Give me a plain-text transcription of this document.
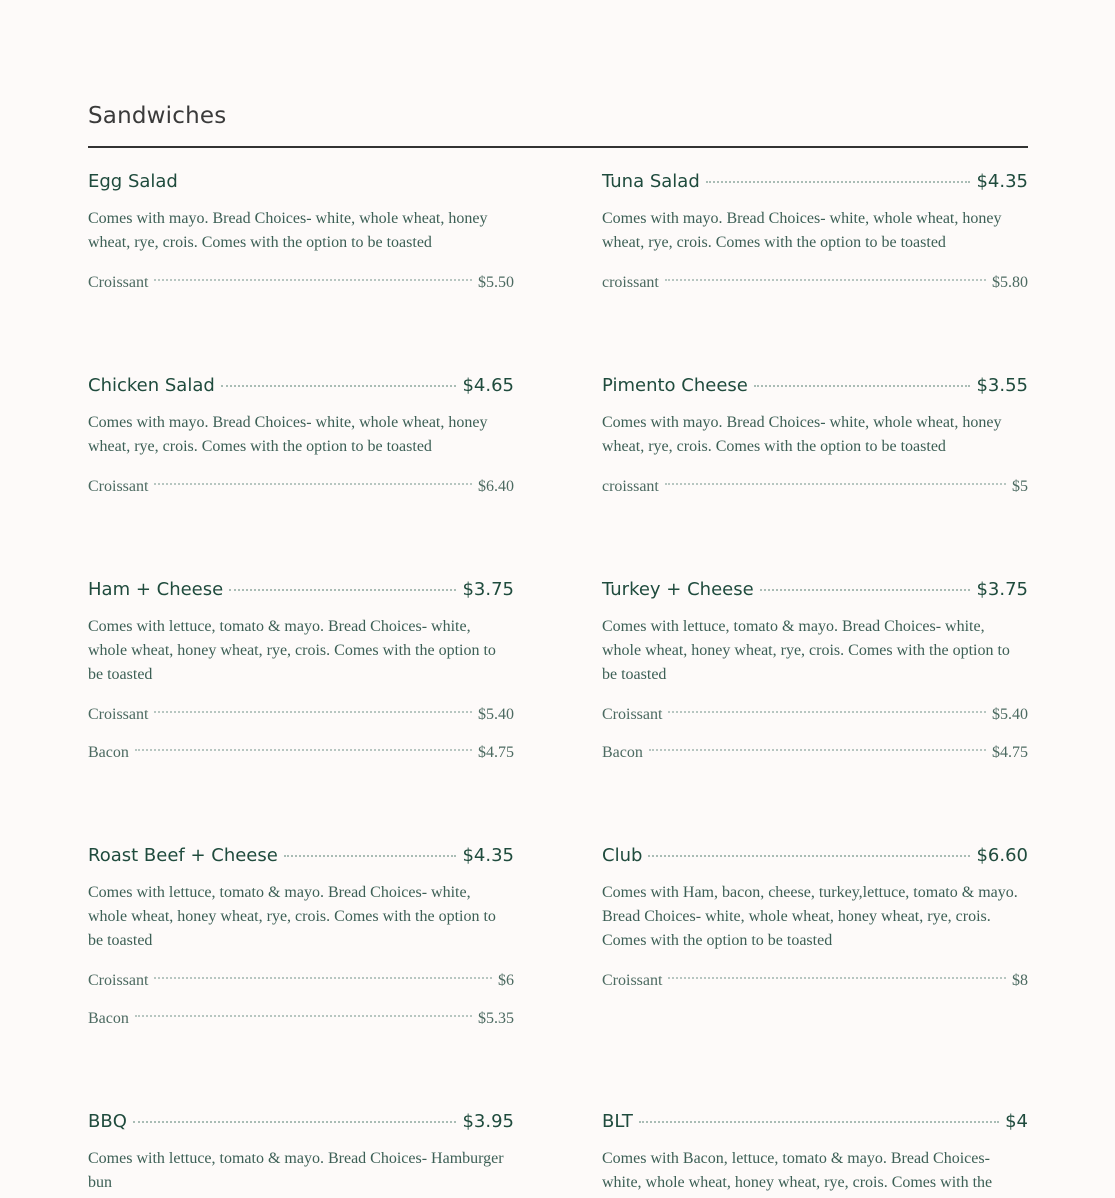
Sandwiches
Egg Salad
Comes with mayo. Bread Choices- white, whole wheat, honey wheat, rye, crois. Comes with the option to be toasted
Croissant	$5.50
Tuna Salad	$4.35
Comes with mayo. Bread Choices- white, whole wheat, honey wheat, rye, crois. Comes with the option to be toasted
croissant	$5.80
Chicken Salad	$4.65
Comes with mayo. Bread Choices- white, whole wheat, honey wheat, rye, crois. Comes with the option to be toasted
Croissant	$6.40
Pimento Cheese	$3.55
Comes with mayo. Bread Choices- white, whole wheat, honey wheat, rye, crois. Comes with the option to be toasted
croissant	$5
Ham + Cheese	$3.75
Comes with lettuce, tomato & mayo. Bread Choices- white, whole wheat, honey wheat, rye, crois. Comes with the option to be toasted
Croissant	$5.40
Bacon	$4.75
Turkey + Cheese	$3.75
Comes with lettuce, tomato & mayo. Bread Choices- white, whole wheat, honey wheat, rye, crois. Comes with the option to be toasted
Croissant	$5.40
Bacon	$4.75
Roast Beef + Cheese	$4.35
Comes with lettuce, tomato & mayo. Bread Choices- white, whole wheat, honey wheat, rye, crois. Comes with the option to be toasted
Croissant	$6
Bacon	$5.35
Club	$6.60
Comes with Ham, bacon, cheese, turkey,lettuce, tomato & mayo. Bread Choices- white, whole wheat, honey wheat, rye, crois. Comes with the option to be toasted
Croissant	$8
BBQ	$3.95
Comes with lettuce, tomato & mayo. Bread Choices- Hamburger bun
BLT	$4
Comes with Bacon, lettuce, tomato & mayo. Bread Choices- white, whole wheat, honey wheat, rye, crois. Comes with the
